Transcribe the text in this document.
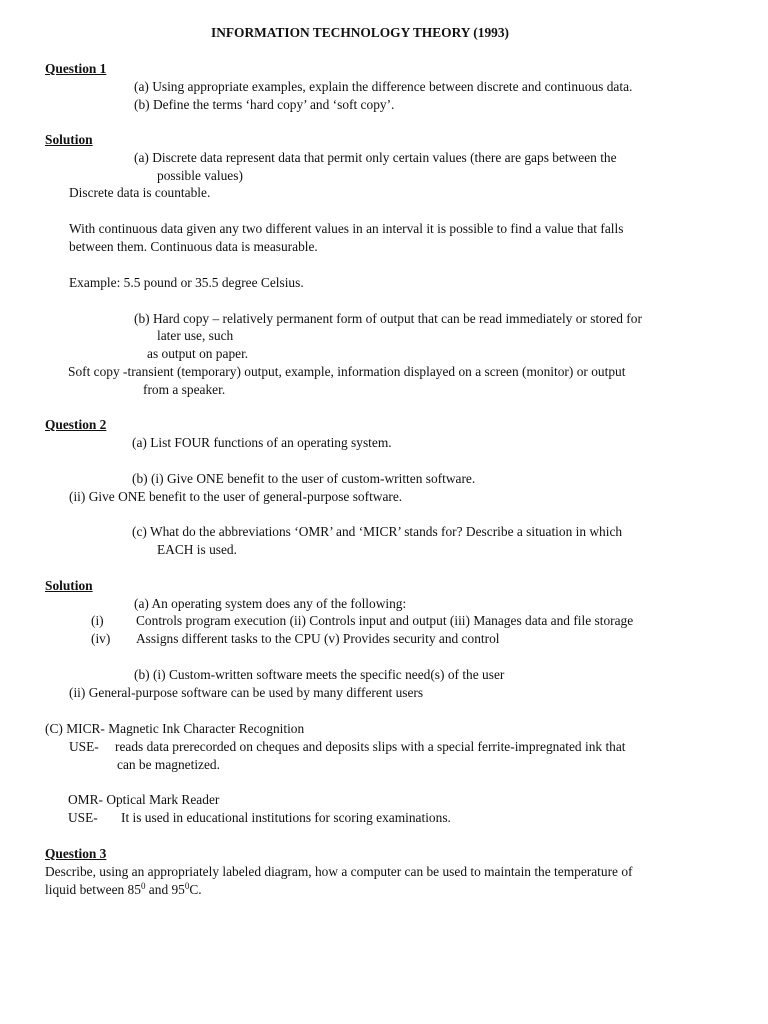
INFORMATION TECHNOLOGY THEORY (1993)
Question 1
(a) Using appropriate examples, explain the difference between discrete and continuous data.
(b) Define the terms ‘hard copy’ and ‘soft copy’.
Solution
(a) Discrete data represent data that permit only certain values (there are gaps between the
possible values)
Discrete data is countable.
With continuous data given any two different values in an interval it is possible to find a value that falls
between them. Continuous data is measurable.
Example: 5.5 pound or 35.5 degree Celsius.
(b) Hard copy – relatively permanent form of output that can be read immediately or stored for
later use, such
as output on paper.
Soft copy -transient (temporary) output, example, information displayed on a screen (monitor) or output
from a speaker.
Question 2
(a) List FOUR functions of an operating system.
(b) (i) Give ONE benefit to the user of custom-written software.
(ii) Give ONE benefit to the user of general-purpose software.
(c) What do the abbreviations ‘OMR’ and ‘MICR’ stands for? Describe a situation in which
EACH is used.
Solution
(a) An operating system does any of the following:
(i) Controls program execution (ii) Controls input and output (iii) Manages data and file storage
(iv) Assigns different tasks to the CPU (v) Provides security and control
(b) (i) Custom-written software meets the specific need(s) of the user
(ii) General-purpose software can be used by many different users
(C) MICR- Magnetic Ink Character Recognition
USE- reads data prerecorded on cheques and deposits slips with a special ferrite-impregnated ink that
can be magnetized.
OMR- Optical Mark Reader
USE- It is used in educational institutions for scoring examinations.
Question 3
Describe, using an appropriately labeled diagram, how a computer can be used to maintain the temperature of
liquid between $85^0$ and $95^0C$.
